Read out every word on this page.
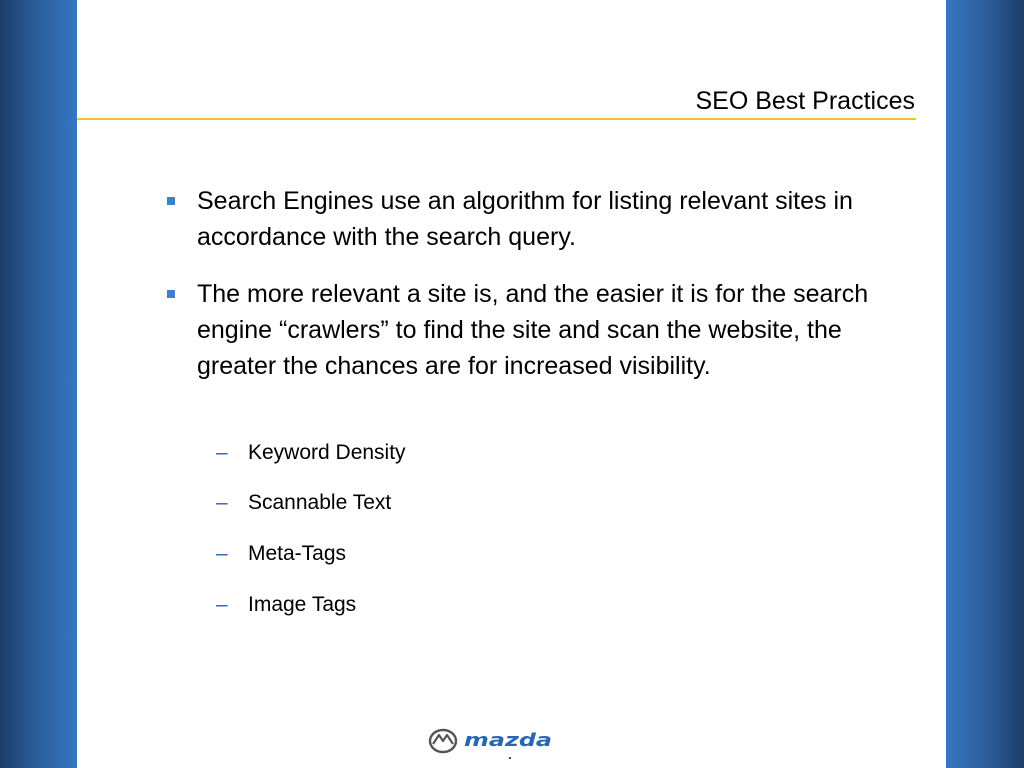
SEO Best Practices
Search Engines use an algorithm for listing relevant sites in accordance with the search query.
The more relevant a site is, and the easier it is for the search engine “crawlers” to find the site and scan the website, the greater the chances are for increased visibility.
– Keyword Density
– Scannable Text
– Meta-Tags
– Image Tags
mazda
